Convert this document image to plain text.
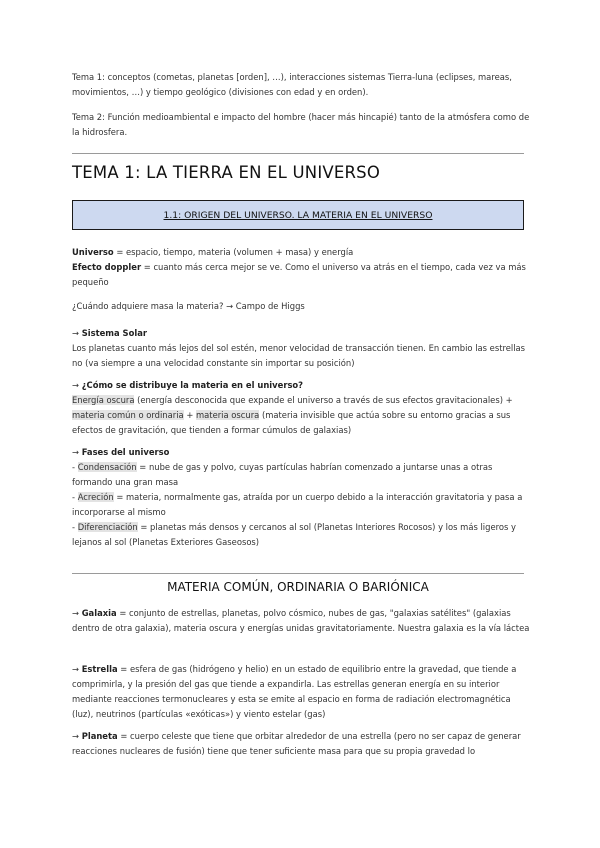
Tema 1: conceptos (cometas, planetas [orden], …), interacciones sistemas Tierra-luna (eclipses, mareas, movimientos, …) y tiempo geológico (divisiones con edad y en orden).

Tema 2: Función medioambiental e impacto del hombre (hacer más hincapié) tanto de la atmósfera como de la hidrosfera.

TEMA 1: LA TIERRA EN EL UNIVERSO
1.1: ORIGEN DEL UNIVERSO. LA MATERIA EN EL UNIVERSO

Universo = espacio, tiempo, materia (volumen + masa) y energía

Efecto doppler = cuanto más cerca mejor se ve. Como el universo va atrás en el tiempo, cada vez va más pequeño

¿Cuándo adquiere masa la materia? → Campo de Higgs

→ Sistema Solar

Los planetas cuanto más lejos del sol estén, menor velocidad de transacción tienen. En cambio las estrellas no (va siempre a una velocidad constante sin importar su posición)

→ ¿Cómo se distribuye la materia en el universo?

Energía oscura (energía desconocida que expande el universo a través de sus efectos gravitacionales) + materia común o ordinaria + materia oscura (materia invisible que actúa sobre su entorno gracias a sus efectos de gravitación, que tienden a formar cúmulos de galaxias)

→ Fases del universo

- Condensación = nube de gas y polvo, cuyas partículas habrían comenzado a juntarse unas a otras formando una gran masa

- Acreción = materia, normalmente gas, atraída por un cuerpo debido a la interacción gravitatoria y pasa a incorporarse al mismo

- Diferenciación = planetas más densos y cercanos al sol (Planetas Interiores Rocosos) y los más ligeros y lejanos al sol (Planetas Exteriores Gaseosos)

MATERIA COMÚN, ORDINARIA O BARIÓNICA

→ Galaxia = conjunto de estrellas, planetas, polvo cósmico, nubes de gas, "galaxias satélites" (galaxias dentro de otra galaxia), materia oscura y energías unidas gravitatoriamente. Nuestra galaxia es la vía láctea

→ Estrella = esfera de gas (hidrógeno y helio) en un estado de equilibrio entre la gravedad, que tiende a comprimirla, y la presión del gas que tiende a expandirla. Las estrellas generan energía en su interior mediante reacciones termonucleares y esta se emite al espacio en forma de radiación electromagnética (luz), neutrinos (partículas «exóticas») y viento estelar (gas)

→ Planeta = cuerpo celeste que tiene que orbitar alrededor de una estrella (pero no ser capaz de generar reacciones nucleares de fusión) tiene que tener suficiente masa para que su propia gravedad lo
